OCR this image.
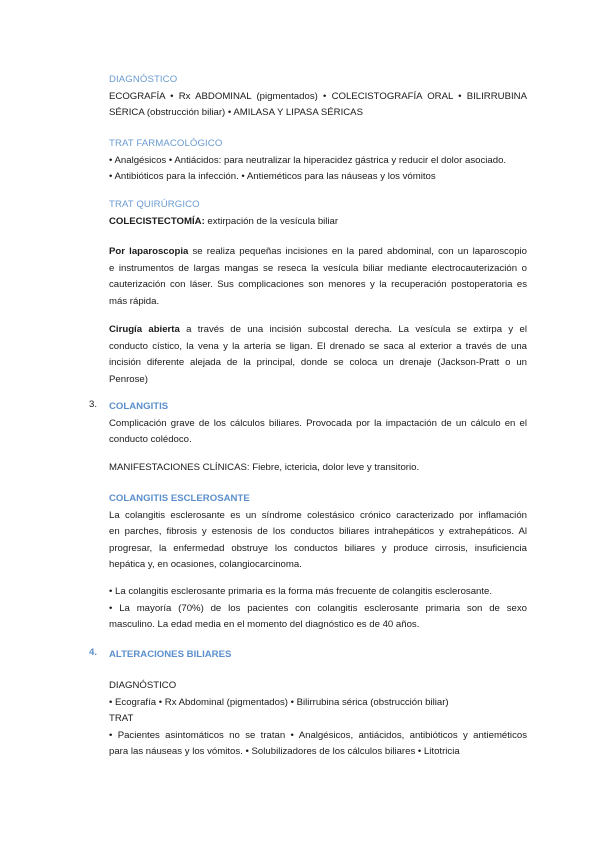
DIAGNÓSTICO

ECOGRAFÍA • Rx ABDOMINAL (pigmentados) • COLECISTOGRAFÍA ORAL • BILIRRUBINA

SÉRICA (obstrucción biliar) • AMILASA Y LIPASA SÉRICAS

TRAT FARMACOLÓGICO

• Analgésicos • Antiácidos: para neutralizar la hiperacidez gástrica y reducir el dolor asociado.

• Antibióticos para la infección. • Antieméticos para las náuseas y los vómitos

TRAT QUIRÚRGICO

COLECISTECTOMÍA: extirpación de la vesícula biliar

Por laparoscopia se realiza pequeñas incisiones en la pared abdominal, con un laparoscopio

e instrumentos de largas mangas se reseca la vesícula biliar mediante electrocauterización o

cauterización con láser. Sus complicaciones son menores y la recuperación postoperatoria es

más rápida.

Cirugía abierta a través de una incisión subcostal derecha. La vesícula se extirpa y el

conducto cístico, la vena y la arteria se ligan. El drenado se saca al exterior a través de una

incisión diferente alejada de la principal, donde se coloca un drenaje (Jackson-Pratt o un

Penrose)

3. COLANGITIS

Complicación grave de los cálculos biliares. Provocada por la impactación de un cálculo en el

conducto colédoco.

MANIFESTACIONES CLÍNICAS: Fiebre, ictericia, dolor leve y transitorio.

COLANGITIS ESCLEROSANTE

La colangitis esclerosante es un síndrome colestásico crónico caracterizado por inflamación

en parches, fibrosis y estenosis de los conductos biliares intrahepáticos y extrahepáticos. Al

progresar, la enfermedad obstruye los conductos biliares y produce cirrosis, insuficiencia

hepática y, en ocasiones, colangiocarcinoma.

• La colangitis esclerosante primaria es la forma más frecuente de colangitis esclerosante.

• La mayoría (70%) de los pacientes con colangitis esclerosante primaria son de sexo

masculino. La edad media en el momento del diagnóstico es de 40 años.

4. ALTERACIONES BILIARES

DIAGNÓSTICO

• Ecografía • Rx Abdominal (pigmentados) • Bilirrubina sérica (obstrucción biliar)

TRAT

• Pacientes asintomáticos no se tratan • Analgésicos, antiácidos, antibióticos y antieméticos

para las náuseas y los vómitos. • Solubilizadores de los cálculos biliares • Litotricia
